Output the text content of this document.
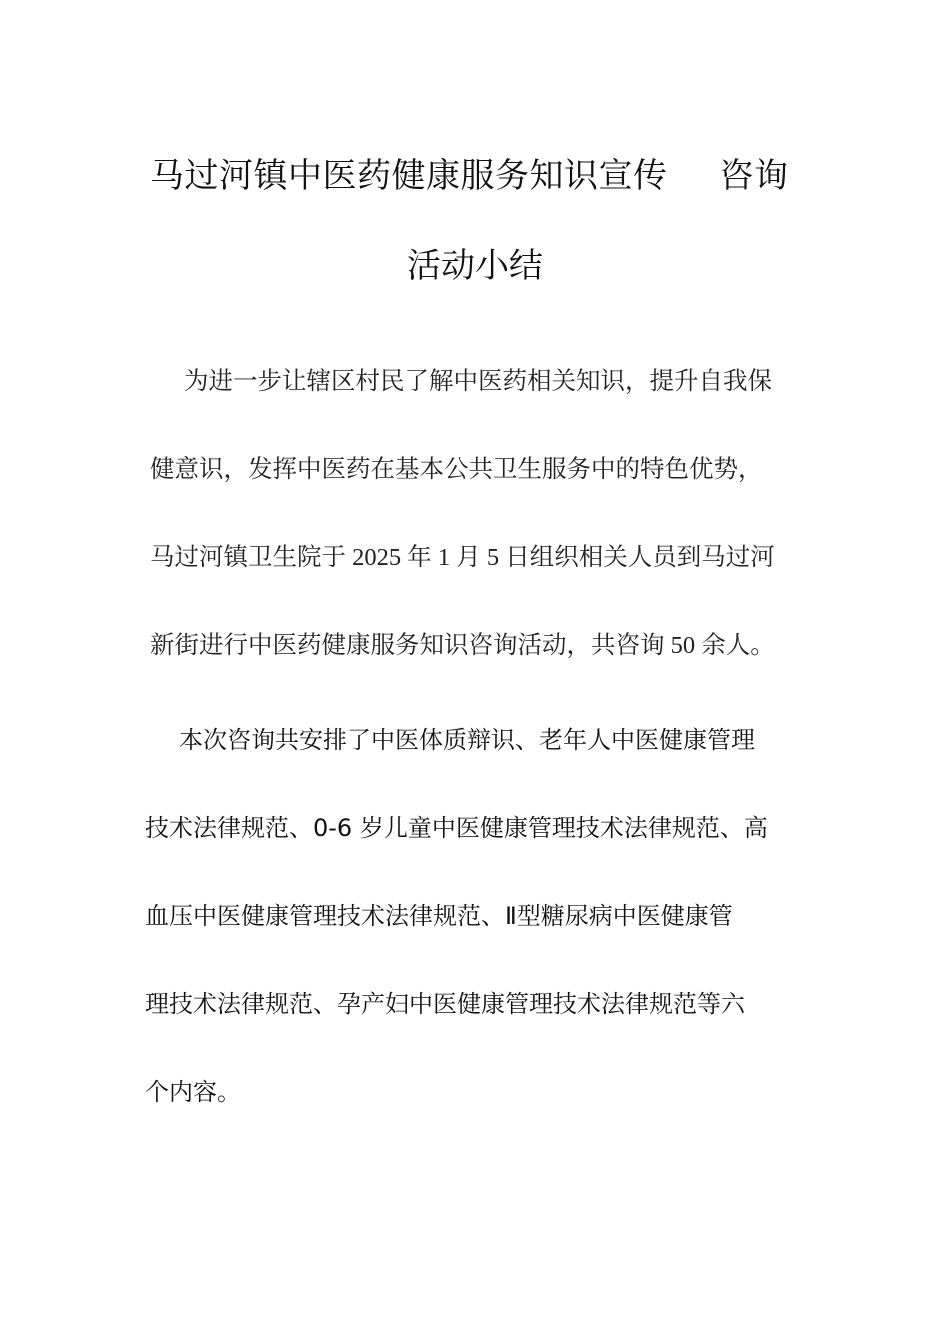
马过河镇中医药健康服务知识宣传 咨询
活动小结

为进一步让辖区村民了解中医药相关知识，提升自我保
健意识，发挥中医药在基本公共卫生服务中的特色优势，
马过河镇卫生院于 2025 年 1 月 5 日组织相关人员到马过河
新街进行中医药健康服务知识咨询活动，共咨询 50 余人。

本次咨询共安排了中医体质辩识、老年人中医健康管理
技术法律规范、0-6 岁儿童中医健康管理技术法律规范、高
血压中医健康管理技术法律规范、Ⅱ型糖尿病中医健康管
理技术法律规范、孕产妇中医健康管理技术法律规范等六
个内容。
